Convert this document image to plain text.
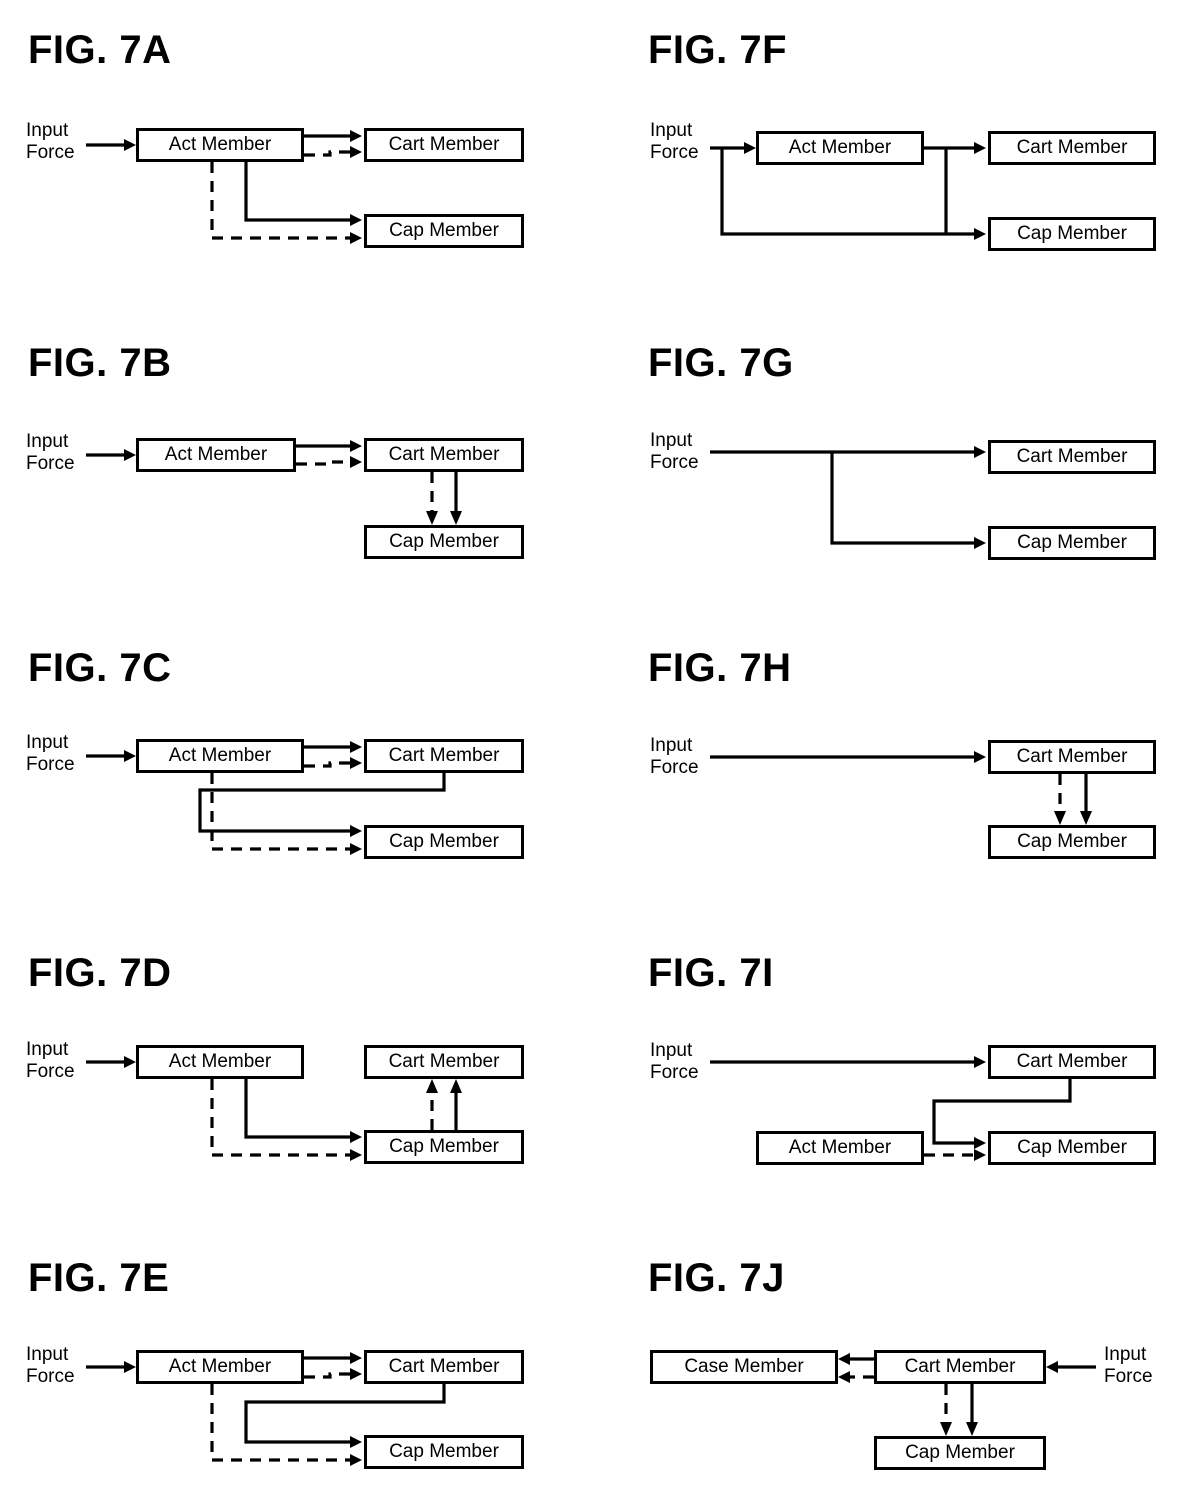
FIG. 7A
Input
Force	Act Member	Cart Member
Cap Member
FIG. 7B
Input
Force	Act Member	Cart Member
Cap Member
FIG. 7C
Input
Force	Act Member	Cart Member
Cap Member
FIG. 7D
Input
Force	Act Member	Cart Member
Cap Member
FIG. 7E
Input
Force	Act Member	Cart Member
Cap Member
FIG. 7F
Input
Force	Act Member	Cart Member
Cap Member
FIG. 7G
Input
Force	Cart Member
Cap Member
FIG. 7H
Input
Force
Cart Member
Cap Member
FIG. 7I
Input
Force
Cart Member
Act Member	Cap Member
FIG. 7J
Case Member	Cart Member
Cap Member
Input
Force
